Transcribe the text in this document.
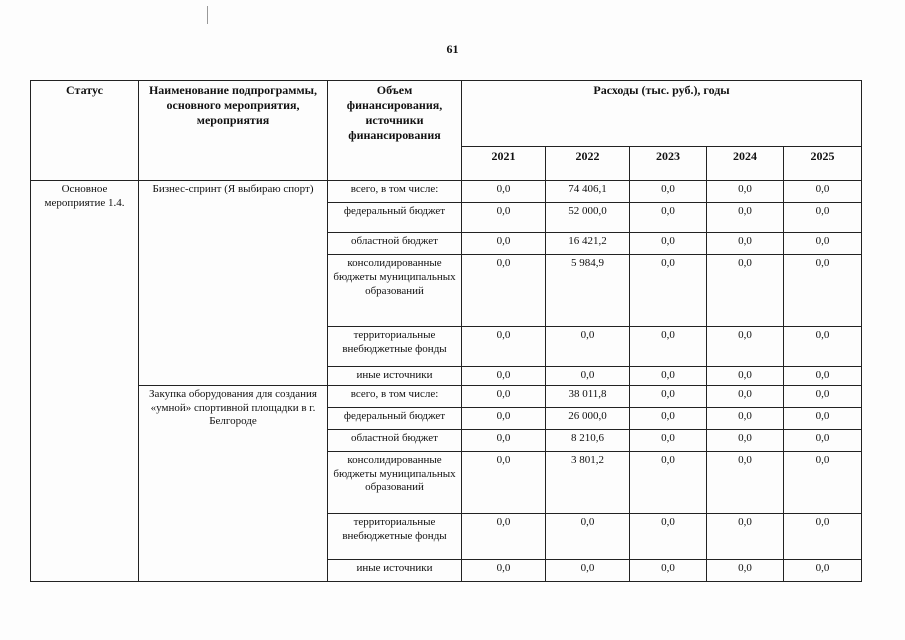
61
Статус	Наименование подпрограммы, основного мероприятия, мероприятия	Объем финансирования, источники финансирования	Расходы (тыс. руб.), годы				
			2021	2022	2023	2024	2025
Основное мероприятие 1.4.	Бизнес-спринт (Я выбираю спорт)	всего, в том числе:	0,0	74 406,1	0,0	0,0	0,0
		федеральный бюджет	0,0	52 000,0	0,0	0,0	0,0
		областной бюджет	0,0	16 421,2	0,0	0,0	0,0
		консолидированные бюджеты муниципальных образований	0,0	5 984,9	0,0	0,0	0,0
		территориальные внебюджетные фонды	0,0	0,0	0,0	0,0	0,0
		иные источники	0,0	0,0	0,0	0,0	0,0
	Закупка оборудования для создания «умной» спортивной площадки в г. Белгороде	всего, в том числе:	0,0	38 011,8	0,0	0,0	0,0
		федеральный бюджет	0,0	26 000,0	0,0	0,0	0,0
		областной бюджет	0,0	8 210,6	0,0	0,0	0,0
		консолидированные бюджеты муниципальных образований	0,0	3 801,2	0,0	0,0	0,0
		территориальные внебюджетные фонды	0,0	0,0	0,0	0,0	0,0
		иные источники	0,0	0,0	0,0	0,0	0,0
